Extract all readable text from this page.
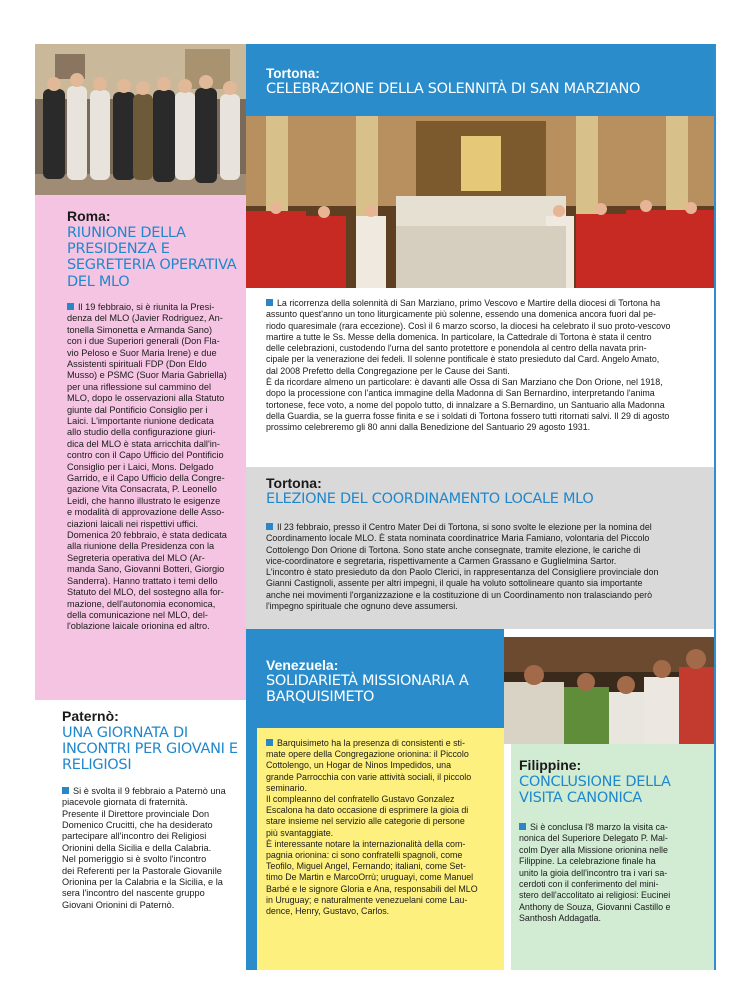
Roma:
RIUNIONE DELLA PRESIDENZA E SEGRETERIA OPERATIVA DEL MLO

Il 19 febbraio, si è riunita la Presi-

denza del MLO (Javier Rodriguez, An-

tonella Simonetta e Armanda Sano)

con i due Superiori generali (Don Fla-

vio Peloso e Suor Maria Irene) e due

Assistenti spirituali FDP (Don Eldo

Musso) e PSMC (Suor Maria Gabriella)

per una riflessione sul cammino del

MLO, dopo le osservazioni alla Statuto

giunte dal Pontificio Consiglio per i

Laici. L'importante riunione dedicata

allo studio della configurazione giuri-

dica del MLO è stata arricchita dall'in-

contro con il Capo Ufficio del Pontificio

Consiglio per i Laici, Mons. Delgado

Garrido, e il Capo Ufficio della Congre-

gazione Vita Consacrata, P. Leonello

Leidi, che hanno illustrato le esigenze

e modalità di approvazione delle Asso-

ciazioni laicali nei rispettivi uffici.

Domenica 20 febbraio, è stata dedicata

alla riunione della Presidenza con la

Segreteria operativa del MLO (Ar-

manda Sano, Giovanni Botteri, Giorgio

Sanderra). Hanno trattato i temi dello

Statuto del MLO, del sostegno alla for-

mazione, dell'autonomia economica,

della comunicazione nel MLO, del-

l'oblazione laicale orionina ed altro.

Paternò:
UNA GIORNATA DI INCONTRI PER GIOVANI E RELIGIOSI

Si è svolta il 9 febbraio a Paternò una

piacevole giornata di fraternità.

Presente il Direttore provinciale Don

Domenico Crucitti, che ha desiderato

partecipare all'incontro dei Religiosi

Orionini della Sicilia e della Calabria.

Nel pomeriggio si è svolto l'incontro

dei Referenti per la Pastorale Giovanile

Orionina per la Calabria e la Sicilia, e la

sera l'incontro del nascente gruppo

Giovani Orionini di Paternò.

Tortona:
CELEBRAZIONE DELLA SOLENNITÀ DI SAN MARZIANO

La ricorrenza della solennità di San Marziano, primo Vescovo e Martire della diocesi di Tortona ha

assunto quest'anno un tono liturgicamente più solenne, essendo una domenica ancora fuori dal pe-

riodo quaresimale (rara eccezione). Così il 6 marzo scorso, la diocesi ha celebrato il suo proto-vescovo

martire a tutte le Ss. Messe della domenica. In particolare, la Cattedrale di Tortona è stata il centro

delle celebrazioni, custodendo l'urna del santo protettore e ponendola al centro della navata prin-

cipale per la venerazione dei fedeli. Il solenne pontificale è stato presieduto dal Card. Angelo Amato,

dal 2008 Prefetto della Congregazione per le Cause dei Santi.

È da ricordare almeno un particolare: è davanti alle Ossa di San Marziano che Don Orione, nel 1918,

dopo la processione con l'antica immagine della Madonna di San Bernardino, interpretando l'anima

tortonese, fece voto, a nome del popolo tutto, di innalzare a S.Bernardino, un Santuario alla Madonna

della Guardia, se la guerra fosse finita e se i soldati di Tortona fossero tutti ritornati salvi. Il 29 di agosto

prossimo celebreremo gli 80 anni dalla Benedizione del Santuario 29 agosto 1931.

Tortona:
ELEZIONE DEL COORDINAMENTO LOCALE MLO

Il 23 febbraio, presso il Centro Mater Dei di Tortona, si sono svolte le elezione per la nomina del

Coordinamento locale MLO. È stata nominata coordinatrice Maria Famiano, volontaria del Piccolo

Cottolengo Don Orione di Tortona. Sono state anche consegnate, tramite elezione, le cariche di

vice-coordinatore e segretaria, rispettivamente a Carmen Grassano e Guglielmina Sartor.

L'incontro è stato presieduto da don Paolo Clerici, in rappresentanza del Consigliere provinciale don

Gianni Castignoli, assente per altri impegni, il quale ha voluto sottolineare quanto sia importante

anche nei movimenti l'organizzazione e la costituzione di un Coordinamento non tralasciando però

l'impegno spirituale che ognuno deve assumersi.

Venezuela:
SOLIDARIETÀ MISSIONARIA A BARQUISIMETO

Barquisimeto ha la presenza di consistenti e sti-

mate opere della Congregazione orionina: il Piccolo

Cottolengo, un Hogar de Ninos Impedidos, una

grande Parrocchia con varie attività sociali, il piccolo

seminario.

Il compleanno del confratello Gustavo Gonzalez

Escalona ha dato occasione di esprimere la gioia di

stare insieme nel servizio alle categorie di persone

più svantaggiate.

È interessante notare la internazionalità della com-

pagnia orionina: ci sono confratelli spagnoli, come

Teofilo, Miguel Angel, Fernando; italiani, come Set-

timo De Martin e MarcoOrrù; uruguayi, come Manuel

Barbé e le signore Gloria e Ana, responsabili del MLO

in Uruguay; e naturalmente venezuelani come Lau-

dence, Henry, Gustavo, Carlos.

Filippine:
CONCLUSIONE DELLA VISITA CANONICA

Si è conclusa l'8 marzo la visita ca-

nonica del Superiore Delegato P. Mal-

colm Dyer alla Missione orionina nelle

Filippine. La celebrazione finale ha

unito la gioia dell'incontro tra i vari sa-

cerdoti con il conferimento del mini-

stero dell'accolitato ai religiosi: Eucinei

Anthony de Souza, Giovanni Castillo e

Santhosh Addagatla.
